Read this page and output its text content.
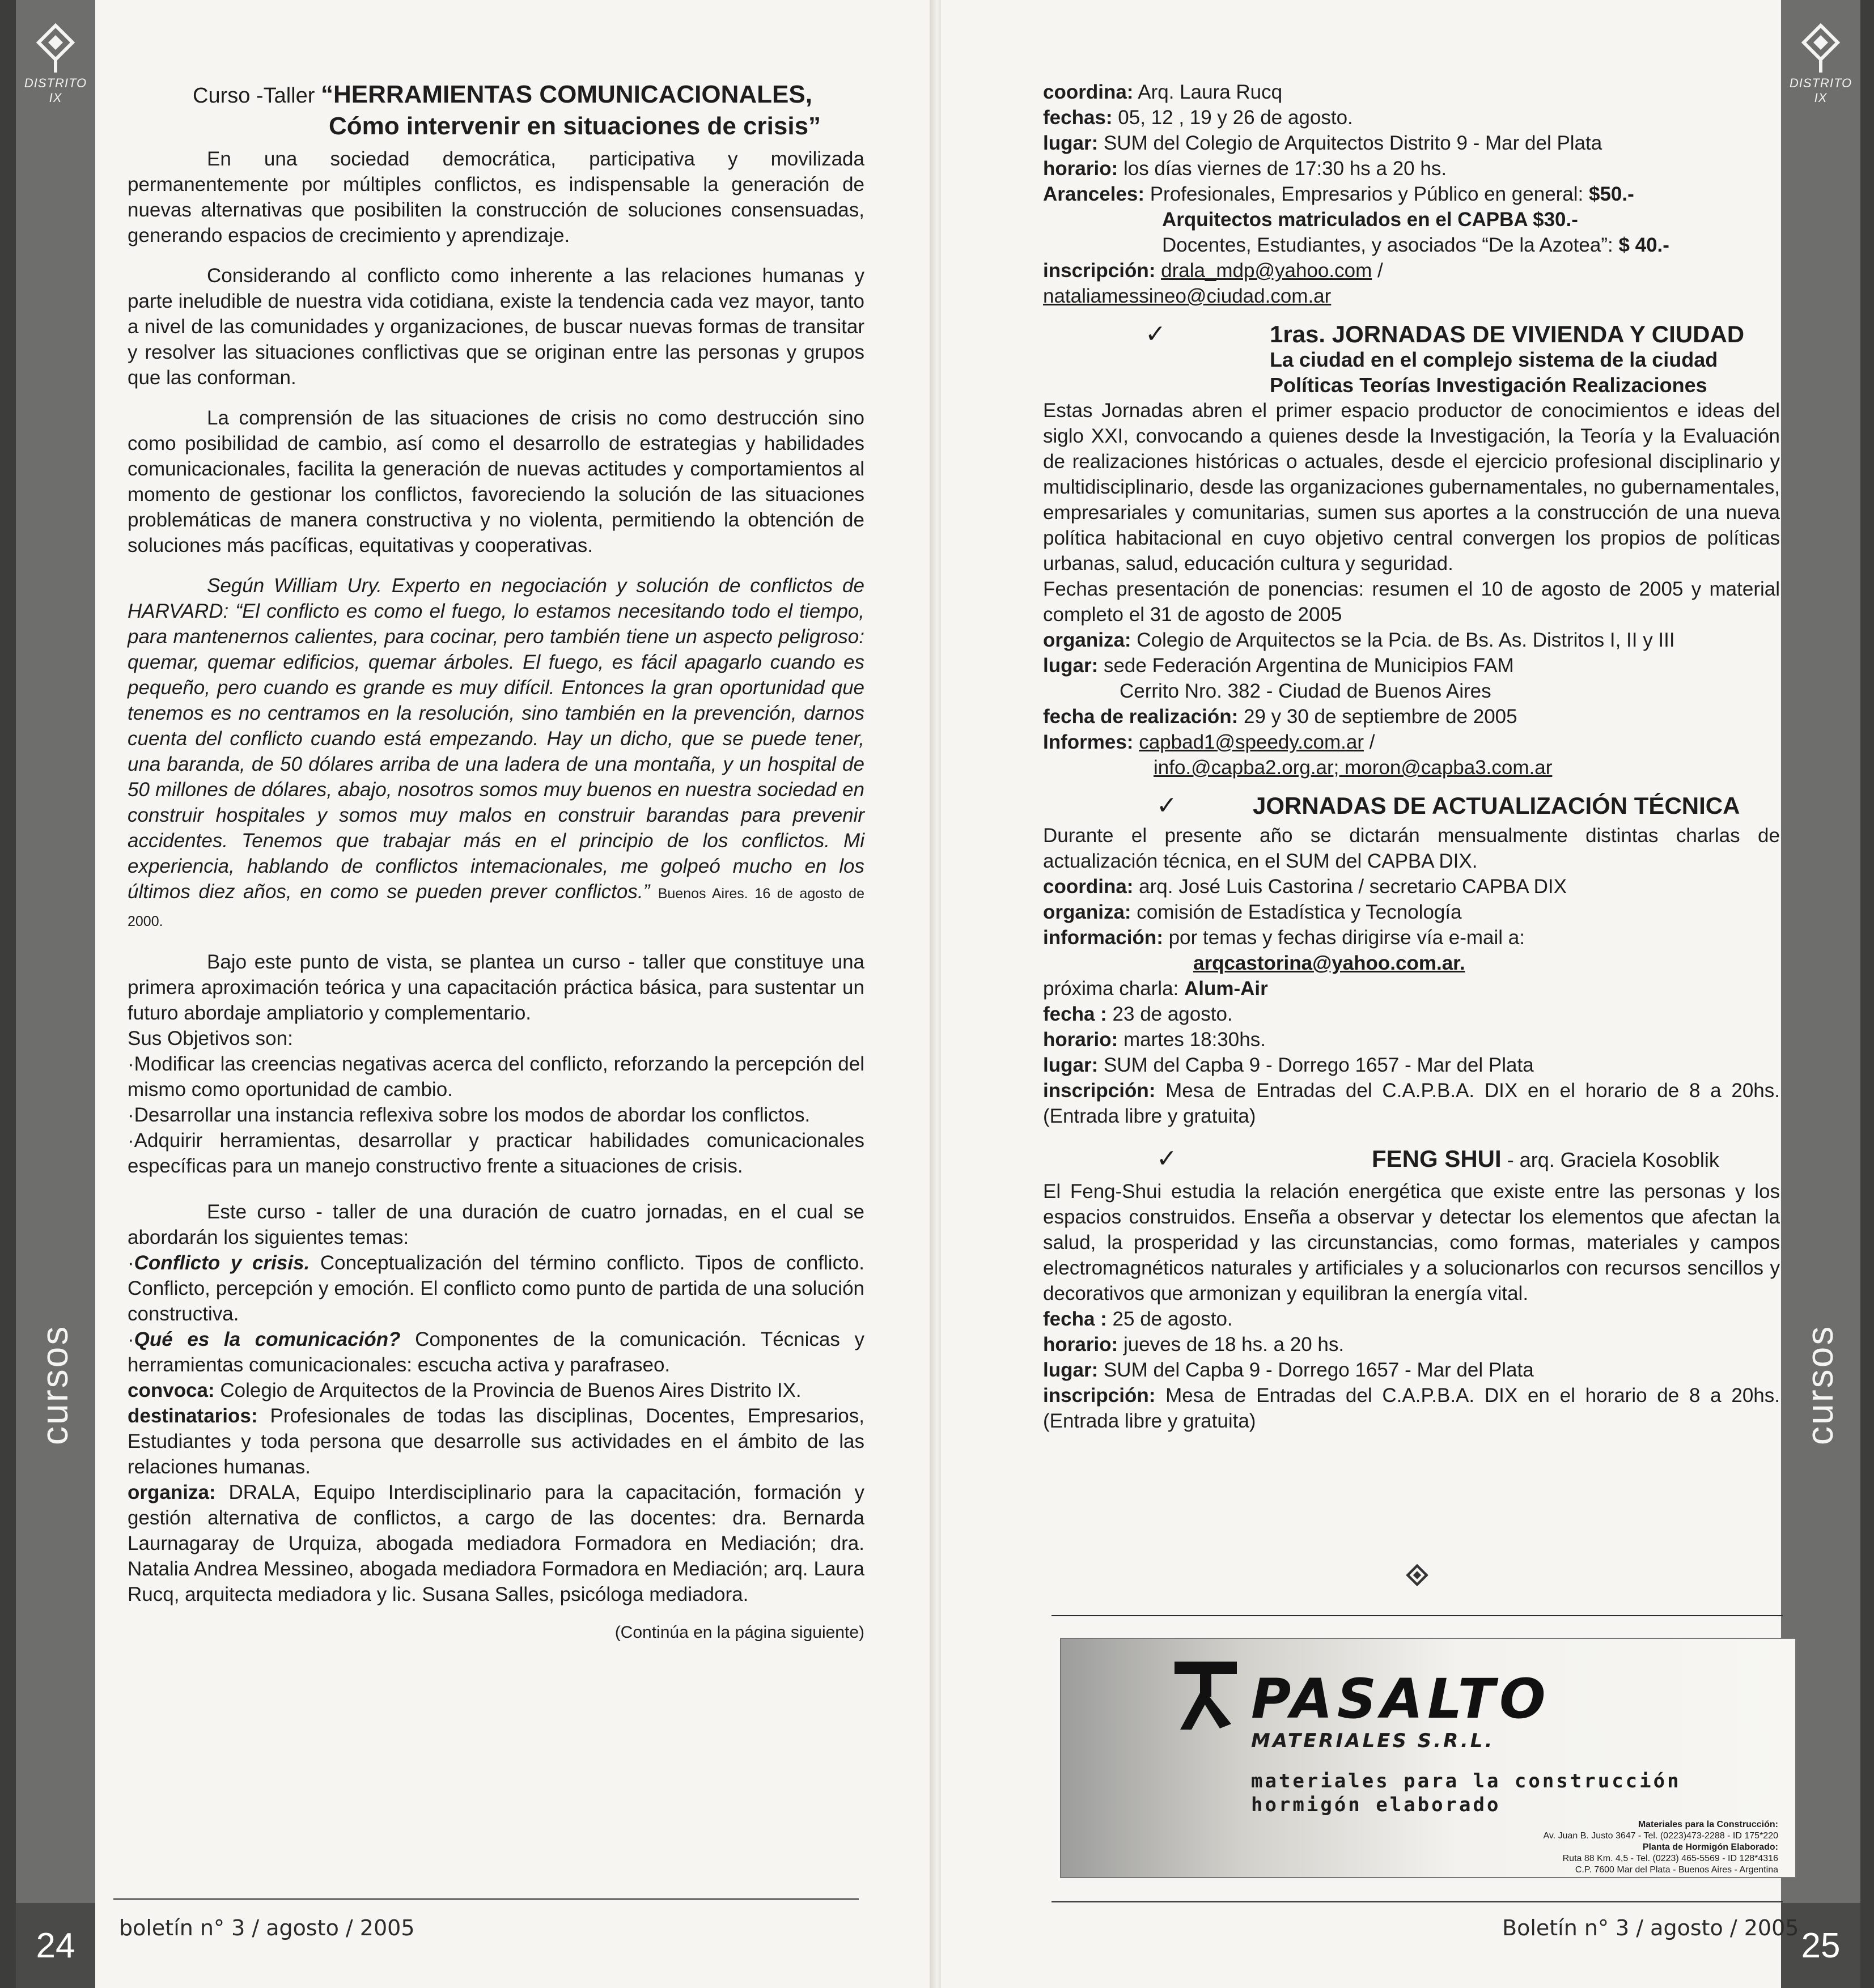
DISTRITO IX
cursos
24

Curso -Taller “HERRAMIENTAS COMUNICACIONALES,

Cómo intervenir en situaciones de crisis”

En una sociedad democrática, participativa y movilizada permanentemente por múltiples conflictos, es indispensable la generación de nuevas alternativas que posibiliten la construcción de soluciones consensuadas, generando espacios de crecimiento y aprendizaje.

Considerando al conflicto como inherente a las relaciones humanas y parte ineludible de nuestra vida cotidiana, existe la tendencia cada vez mayor, tanto a nivel de las comunidades y organizaciones, de buscar nuevas formas de transitar y resolver las situaciones conflictivas que se originan entre las personas y grupos que las conforman.

La comprensión de las situaciones de crisis no como destrucción sino como posibilidad de cambio, así como el desarrollo de estrategias y habilidades comunicacionales, facilita la generación de nuevas actitudes y comportamientos al momento de gestionar los conflictos, favoreciendo la solución de las situaciones problemáticas de manera constructiva y no violenta, permitiendo la obtención de soluciones más pacíficas, equitativas y cooperativas.

Según William Ury. Experto en negociación y solución de conflictos de HARVARD: “El conflicto es como el fuego, lo estamos necesitando todo el tiempo, para mantenernos calientes, para cocinar, pero también tiene un aspecto peligroso: quemar, quemar edificios, quemar árboles. El fuego, es fácil apagarlo cuando es pequeño, pero cuando es grande es muy difícil. Entonces la gran oportunidad que tenemos es no centramos en la resolución, sino también en la prevención, darnos cuenta del conflicto cuando está empezando. Hay un dicho, que se puede tener, una baranda, de 50 dólares arriba de una ladera de una montaña, y un hospital de 50 millones de dólares, abajo, nosotros somos muy buenos en nuestra sociedad en construir hospitales y somos muy malos en construir barandas para prevenir accidentes. Tenemos que trabajar más en el principio de los conflictos. Mi experiencia, hablando de conflictos intemacionales, me golpeó mucho en los últimos diez años, en como se pueden prever conflictos.” Buenos Aires. 16 de agosto de 2000.

Bajo este punto de vista, se plantea un curso - taller que constituye una primera aproximación teórica y una capacitación práctica básica, para sustentar un futuro abordaje ampliatorio y complementario.

Sus Objetivos son:

·Modificar las creencias negativas acerca del conflicto, reforzando la percepción del mismo como oportunidad de cambio.

·Desarrollar una instancia reflexiva sobre los modos de abordar los conflictos.

·Adquirir herramientas, desarrollar y practicar habilidades comunicacionales específicas para un manejo constructivo frente a situaciones de crisis.

Este curso - taller de una duración de cuatro jornadas, en el cual se abordarán los siguientes temas:

·Conflicto y crisis. Conceptualización del término conflicto. Tipos de conflicto. Conflicto, percepción y emoción. El conflicto como punto de partida de una solución constructiva.

·Qué es la comunicación? Componentes de la comunicación. Técnicas y herramientas comunicacionales: escucha activa y parafraseo.

convoca: Colegio de Arquitectos de la Provincia de Buenos Aires Distrito IX.

destinatarios: Profesionales de todas las disciplinas, Docentes, Empresarios, Estudiantes y toda persona que desarrolle sus actividades en el ámbito de las relaciones humanas.

organiza: DRALA, Equipo Interdisciplinario para la capacitación, formación y gestión alternativa de conflictos, a cargo de las docentes: dra. Bernarda Laurnagaray de Urquiza, abogada mediadora Formadora en Mediación; dra. Natalia Andrea Messineo, abogada mediadora Formadora en Mediación; arq. Laura Rucq, arquitecta mediadora y lic. Susana Salles, psicóloga mediadora.

(Continúa en la página siguiente)

boletín n° 3 / agosto / 2005
DISTRITO IX
cursos
25

coordina: Arq. Laura Rucq

fechas: 05, 12 , 19 y 26 de agosto.

lugar: SUM del Colegio de Arquitectos Distrito 9 - Mar del Plata

horario: los días viernes de 17:30 hs a 20 hs.

Aranceles: Profesionales, Empresarios y Público en general: $50.-

Arquitectos matriculados en el CAPBA $30.-

Docentes, Estudiantes, y asociados “De la Azotea”: $ 40.-

inscripción: drala_mdp@yahoo.com /

nataliamessineo@ciudad.com.ar

✓	1ras. JORNADAS DE VIVIENDA Y CIUDAD

La ciudad en el complejo sistema de la ciudad

Políticas Teorías Investigación Realizaciones

Estas Jornadas abren el primer espacio productor de conocimientos e ideas del siglo XXI, convocando a quienes desde la Investigación, la Teoría y la Evaluación de realizaciones históricas o actuales, desde el ejercicio profesional disciplinario y multidisciplinario, desde las organizaciones gubernamentales, no gubernamentales, empresariales y comunitarias, sumen sus aportes a la construcción de una nueva política habitacional en cuyo objetivo central convergen los propios de políticas urbanas, salud, educación cultura y seguridad.

Fechas presentación de ponencias: resumen el 10 de agosto de 2005 y material completo el 31 de agosto de 2005

organiza: Colegio de Arquitectos se la Pcia. de Bs. As. Distritos I, II y III

lugar: sede Federación Argentina de Municipios FAM

Cerrito Nro. 382 - Ciudad de Buenos Aires

fecha de realización: 29 y 30 de septiembre de 2005

Informes: capbad1@speedy.com.ar /

info.@capba2.org.ar; moron@capba3.com.ar

✓	JORNADAS DE ACTUALIZACIÓN TÉCNICA

Durante el presente año se dictarán mensualmente distintas charlas de actualización técnica, en el SUM del CAPBA DIX.

coordina: arq. José Luis Castorina / secretario CAPBA DIX

organiza: comisión de Estadística y Tecnología

información: por temas y fechas dirigirse vía e-mail a:

arqcastorina@yahoo.com.ar.

próxima charla: Alum-Air

fecha : 23 de agosto.

horario: martes 18:30hs.

lugar: SUM del Capba 9 - Dorrego 1657 - Mar del Plata

inscripción: Mesa de Entradas del C.A.P.B.A. DIX en el horario de 8 a 20hs. (Entrada libre y gratuita)

✓	FENG SHUI - arq. Graciela Kosoblik

El Feng-Shui estudia la relación energética que existe entre las personas y los espacios construidos. Enseña a observar y detectar los elementos que afectan la salud, la prosperidad y las circunstancias, como formas, materiales y campos electromagnéticos naturales y artificiales y a solucionarlos con recursos sencillos y decorativos que armonizan y equilibran la energía vital.

fecha : 25 de agosto.

horario: jueves de 18 hs. a 20 hs.

lugar: SUM del Capba 9 - Dorrego 1657 - Mar del Plata

inscripción: Mesa de Entradas del C.A.P.B.A. DIX en el horario de 8 a 20hs. (Entrada libre y gratuita)

Boletín n° 3 / agosto / 2005
PASALTO
MATERIALES S.R.L.
materiales para la construcción
hormigón elaborado
Materiales para la Construcción:
Av. Juan B. Justo 3647 - Tel. (0223)473-2288 - ID 175*220
Planta de Hormigón Elaborado:
Ruta 88 Km. 4,5 - Tel. (0223) 465-5569 - ID 128*4316
C.P. 7600 Mar del Plata - Buenos Aires - Argentina
